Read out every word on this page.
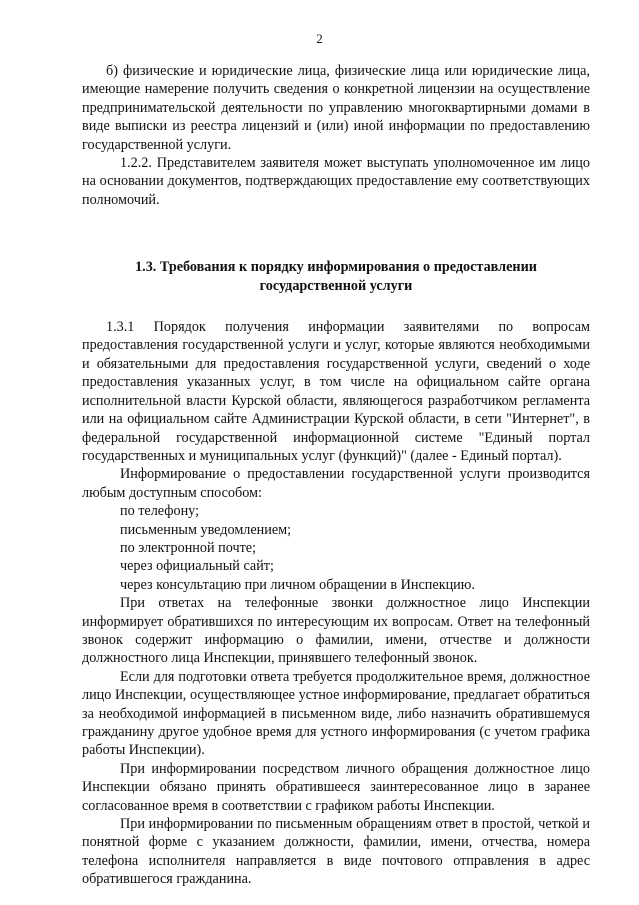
2

б) физические и юридические лица, физические лица или юридические лица, имеющие намерение получить сведения о конкретной лицензии на осуществление предпринимательской деятельности по управлению многоквартирными домами в виде выписки из реестра лицензий и (или) иной информации по предоставлению государственной услуги.

1.2.2. Представителем заявителя может выступать уполномоченное им лицо на основании документов, подтверждающих предоставление ему соответствующих полномочий.

1.3. Требования к порядку информирования о предоставлении государственной услуги

1.3.1 Порядок получения информации заявителями по вопросам предоставления государственной услуги и услуг, которые являются необходимыми и обязательными для предоставления государственной услуги, сведений о ходе предоставления указанных услуг, в том числе на официальном сайте органа исполнительной власти Курской области, являющегося разработчиком регламента или на официальном сайте Администрации Курской области, в сети "Интернет", в федеральной государственной информационной системе "Единый портал государственных и муниципальных услуг (функций)" (далее - Единый портал).

Информирование о предоставлении государственной услуги производится любым доступным способом:

по телефону;

письменным уведомлением;

по электронной почте;

через официальный сайт;

через консультацию при личном обращении в Инспекцию.

При ответах на телефонные звонки должностное лицо Инспекции информирует обратившихся по интересующим их вопросам. Ответ на телефонный звонок содержит информацию о фамилии, имени, отчестве и должности должностного лица Инспекции, принявшего телефонный звонок.

Если для подготовки ответа требуется продолжительное время, должностное лицо Инспекции, осуществляющее устное информирование, предлагает обратиться за необходимой информацией в письменном виде, либо назначить обратившемуся гражданину другое удобное время для устного информирования (с учетом графика работы Инспекции).

При информировании посредством личного обращения должностное лицо Инспекции обязано принять обратившееся заинтересованное лицо в заранее согласованное время в соответствии с графиком работы Инспекции.

При информировании по письменным обращениям ответ в простой, четкой и понятной форме с указанием должности, фамилии, имени, отчества, номера телефона исполнителя направляется в виде почтового отправления в адрес обратившегося гражданина.
